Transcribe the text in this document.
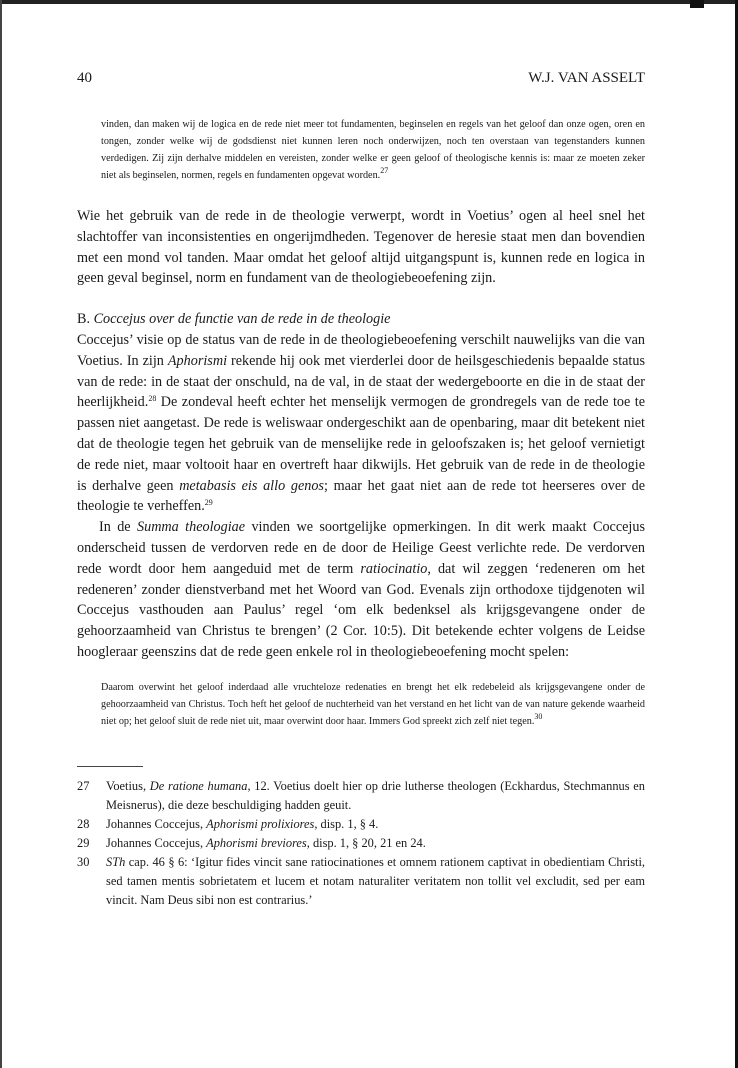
40	W.J. VAN ASSELT
vinden, dan maken wij de logica en de rede niet meer tot fundamenten, beginselen en regels van het geloof dan onze ogen, oren en tongen, zonder welke wij de godsdienst niet kunnen leren noch onderwijzen, noch ten overstaan van tegenstanders kunnen verdedigen. Zij zijn derhalve middelen en vereisten, zonder welke er geen geloof of theologische kennis is: maar ze moeten zeker niet als beginselen, normen, regels en fundamenten opgevat worden.$^{27}$

Wie het gebruik van de rede in de theologie verwerpt, wordt in Voetius’ ogen al heel snel het slachtoffer van inconsistenties en ongerijmdheden. Tegenover de heresie staat men dan bovendien met een mond vol tanden. Maar omdat het geloof altijd uitgangspunt is, kunnen rede en logica in geen geval beginsel, norm en fundament van de theologiebeoefening zijn.

B. Coccejus over de functie van de rede in de theologie

Coccejus’ visie op de status van de rede in de theologiebeoefening verschilt nauwelijks van die van Voetius. In zijn Aphorismi rekende hij ook met vierderlei door de heilsgeschiedenis bepaalde status van de rede: in de staat der onschuld, na de val, in de staat der wedergeboorte en die in de staat der heerlijkheid.$^{28}$ De zondeval heeft echter het menselijk vermogen de grondregels van de rede toe te passen niet aangetast. De rede is weliswaar ondergeschikt aan de openbaring, maar dit betekent niet dat de theologie tegen het gebruik van de menselijke rede in geloofszaken is; het geloof vernietigt de rede niet, maar voltooit haar en overtreft haar dikwijls. Het gebruik van de rede in de theologie is derhalve geen metabasis eis allo genos; maar het gaat niet aan de rede tot heerseres over de theologie te verheffen.$^{29}$

In de Summa theologiae vinden we soortgelijke opmerkingen. In dit werk maakt Coccejus onderscheid tussen de verdorven rede en de door de Heilige Geest verlichte rede. De verdorven rede wordt door hem aangeduid met de term ratiocinatio, dat wil zeggen ‘redeneren om het redeneren’ zonder dienstverband met het Woord van God. Evenals zijn orthodoxe tijdgenoten wil Coccejus vasthouden aan Paulus’ regel ‘om elk bedenksel als krijgsgevangene onder de gehoorzaamheid van Christus te brengen’ (2 Cor. 10:5). Dit betekende echter volgens de Leidse hoogleraar geenszins dat de rede geen enkele rol in theologiebeoefening mocht spelen:

Daarom overwint het geloof inderdaad alle vruchteloze redenaties en brengt het elk redebeleid als krijgsgevangene onder de gehoorzaamheid van Christus. Toch heft het geloof de nuchterheid van het verstand en het licht van de van nature gekende waarheid niet op; het geloof sluit de rede niet uit, maar overwint door haar. Immers God spreekt zich zelf niet tegen.$^{30}$
27	Voetius, De ratione humana, 12. Voetius doelt hier op drie lutherse theologen (Eckhardus, Stechmannus en Meisnerus), die deze beschuldiging hadden geuit.
28	Johannes Coccejus, Aphorismi prolixiores, disp. 1, § 4.
29	Johannes Coccejus, Aphorismi breviores, disp. 1, § 20, 21 en 24.
30	STh cap. 46 § 6: ‘Igitur fides vincit sane ratiocinationes et omnem rationem captivat in obedientiam Christi, sed tamen mentis sobrietatem et lucem et notam naturaliter veritatem non tollit vel excludit, sed per eam vincit. Nam Deus sibi non est contrarius.’
